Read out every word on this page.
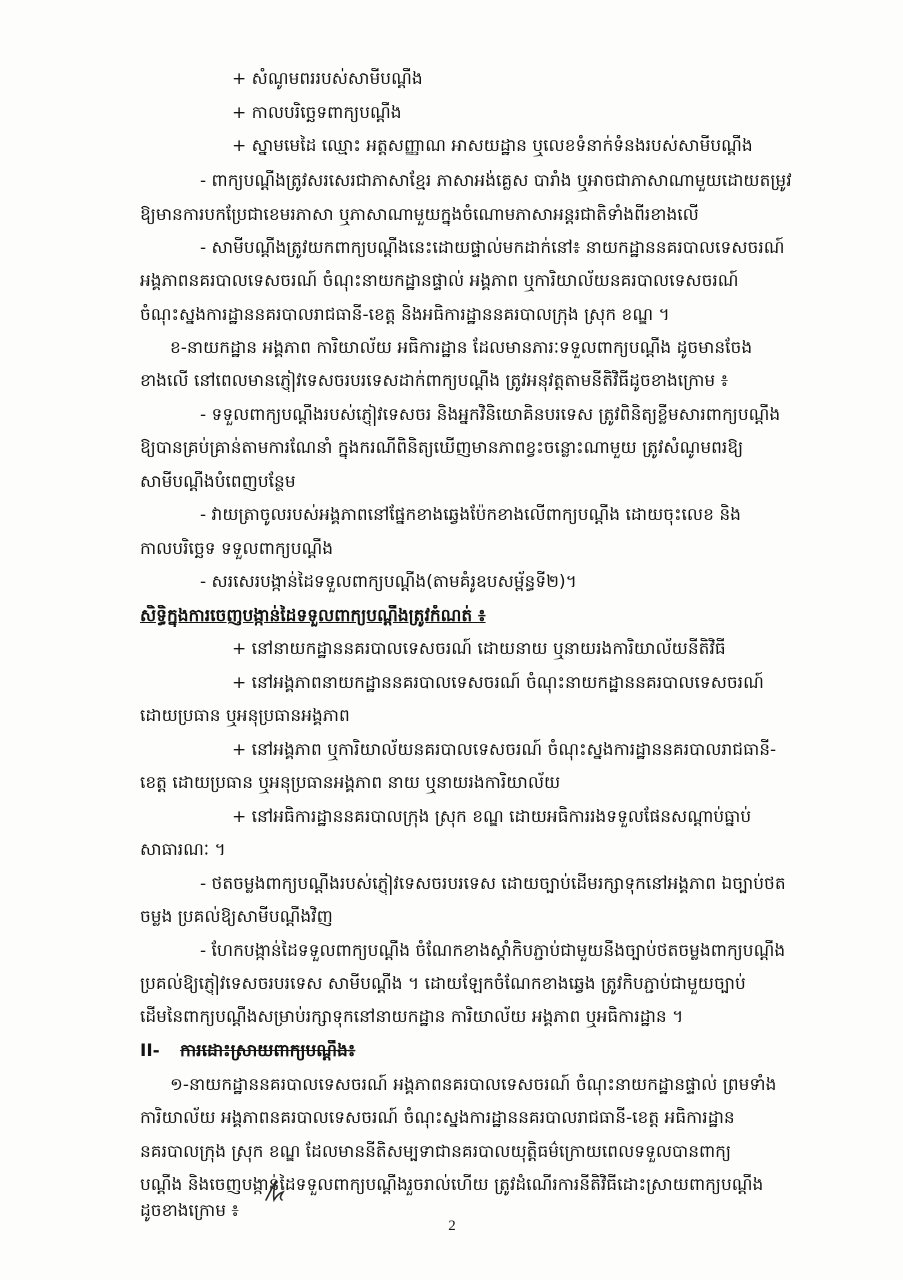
+ សំណូមពររបស់សាមីបណ្តឹង
+ កាលបរិច្ឆេទពាក្យបណ្តឹង
+ ស្នាមមេដៃ ឈ្មោះ អត្តសញ្ញាណ អាសយដ្ឋាន ឬលេខទំនាក់ទំនងរបស់សាមីបណ្តឹង
- ពាក្យបណ្តឹងត្រូវសរសេរជាភាសាខ្មែរ ភាសាអង់គ្លេស បារាំង ឬអាចជាភាសាណាមួយដោយតម្រូវ
ឱ្យមានការបកប្រែជាខេមរភាសា ឬភាសាណាមួយក្នុងចំណោមភាសាអន្តរជាតិទាំងពីរខាងលើ
- សាមីបណ្តឹងត្រូវយកពាក្យបណ្តឹងនេះដោយផ្ទាល់មកដាក់នៅ៖ នាយកដ្ឋាននគរបាលទេសចរណ៍
អង្គភាពនគរបាលទេសចរណ៍ ចំណុះនាយកដ្ឋានផ្ទាល់ អង្គភាព ឬការិយាល័យនគរបាលទេសចរណ៍
ចំណុះស្នងការដ្ឋាននគរបាលរាជធានី-ខេត្ត និងអធិការដ្ឋាននគរបាលក្រុង ស្រុក ខណ្ឌ ។
ខ-នាយកដ្ឋាន អង្គភាព ការិយាល័យ អធិការដ្ឋាន ដែលមានភារៈទទួលពាក្យបណ្តឹង ដូចមានចែង
ខាងលើ នៅពេលមានភ្ញៀវទេសចរបរទេសដាក់ពាក្យបណ្តឹង ត្រូវអនុវត្តតាមនីតិវិធីដូចខាងក្រោម ៖
- ទទួលពាក្យបណ្តឹងរបស់ភ្ញៀវទេសចរ និងអ្នកវិនិយោគិនបរទេស ត្រូវពិនិត្យខ្លឹមសារពាក្យបណ្តឹង
ឱ្យបានគ្រប់គ្រាន់តាមការណែនាំ ក្នុងករណីពិនិត្យឃើញមានភាពខ្វះចន្លោះណាមួយ ត្រូវសំណូមពរឱ្យ
សាមីបណ្តឹងបំពេញបន្ថែម
- វាយត្រាចូលរបស់អង្គភាពនៅផ្នែកខាងឆ្វេងប៉ែកខាងលើពាក្យបណ្តឹង ដោយចុះលេខ និង
កាលបរិច្ឆេទ ទទួលពាក្យបណ្តឹង
- សរសេរបង្កាន់ដៃទទួលពាក្យបណ្តឹង(តាមគំរូឧបសម្ព័ន្ធទី២)។
សិទ្ធិក្នុងការចេញបង្កាន់ដៃទទួលពាក្យបណ្តឹងត្រូវកំណត់ ៖
+ នៅនាយកដ្ឋាននគរបាលទេសចរណ៍ ដោយនាយ ឬនាយរងការិយាល័យនីតិវិធី
+ នៅអង្គភាពនាយកដ្ឋាននគរបាលទេសចរណ៍ ចំណុះនាយកដ្ឋាននគរបាលទេសចរណ៍
ដោយប្រធាន ឬអនុប្រធានអង្គភាព
+ នៅអង្គភាព ឬការិយាល័យនគរបាលទេសចរណ៍ ចំណុះស្នងការដ្ឋាននគរបាលរាជធានី-
ខេត្ត ដោយប្រធាន ឬអនុប្រធានអង្គភាព នាយ ឬនាយរងការិយាល័យ
+ នៅអធិការដ្ឋាននគរបាលក្រុង ស្រុក ខណ្ឌ ដោយអធិការរងទទួលផែនសណ្តាប់ធ្នាប់
សាធារណៈ ។
- ថតចម្លងពាក្យបណ្តឹងរបស់ភ្ញៀវទេសចរបរទេស ដោយច្បាប់ដើមរក្សាទុកនៅអង្គភាព ឯច្បាប់ថត
ចម្លង ប្រគល់ឱ្យសាមីបណ្តឹងវិញ
- ហែកបង្កាន់ដៃទទួលពាក្យបណ្តឹង ចំណែកខាងស្តាំកិបភ្ជាប់ជាមួយនឹងច្បាប់ថតចម្លងពាក្យបណ្តឹង
ប្រគល់ឱ្យភ្ញៀវទេសចរបរទេស សាមីបណ្តឹង ។ ដោយឡែកចំណែកខាងឆ្វេង ត្រូវកិបភ្ជាប់ជាមួយច្បាប់
ដើមនៃពាក្យបណ្តឹងសម្រាប់រក្សាទុកនៅនាយកដ្ឋាន ការិយាល័យ អង្គភាព ឬអធិការដ្ឋាន ។
II-	ការដោះស្រាយពាក្យបណ្តឹង៖
១-នាយកដ្ឋាននគរបាលទេសចរណ៍ អង្គភាពនគរបាលទេសចរណ៍ ចំណុះនាយកដ្ឋានផ្ទាល់ ព្រមទាំង
ការិយាល័យ អង្គភាពនគរបាលទេសចរណ៍ ចំណុះស្នងការដ្ឋាននគរបាលរាជធានី-ខេត្ត អធិការដ្ឋាន
នគរបាលក្រុង ស្រុក ខណ្ឌ ដែលមាននីតិសម្បទាជានគរបាលយុត្តិធម៌ក្រោយពេលទទួលបានពាក្យ
បណ្តឹង និងចេញបង្កាន់ដៃទទួលពាក្យបណ្តឹងរួចរាល់ហើយ ត្រូវដំណើរការនីតិវិធីដោះស្រាយពាក្យបណ្តឹង
ដូចខាងក្រោម ៖
2
